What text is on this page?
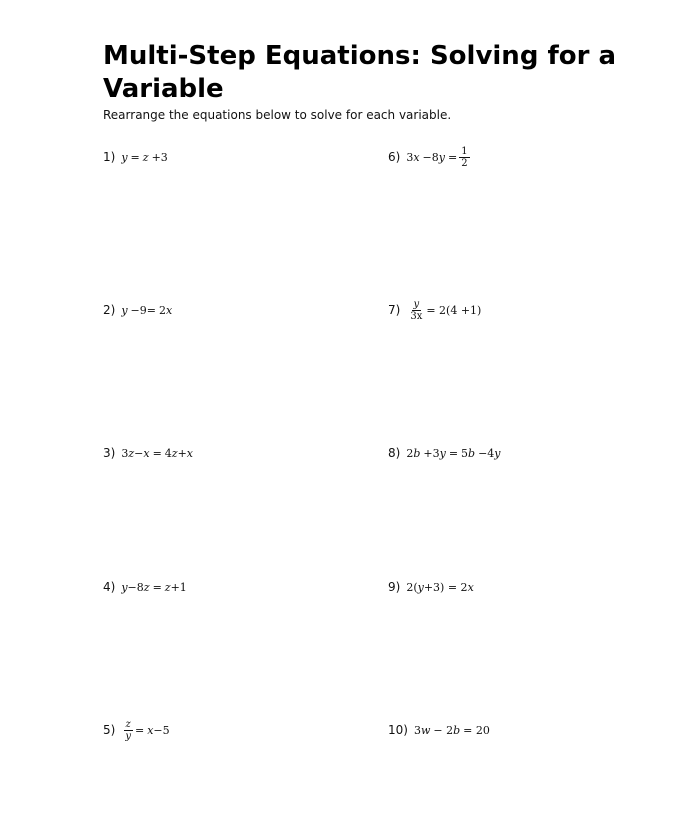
Multi-Step Equations: Solving for a Variable
Rearrange the equations below to solve for each variable.
1) y = z +3
2) y −9= 2 x
3) 3 z − x = 4 z + x
4) y −8 z = z +1
$5) \frac{z}{y} = x -5$
6) 3 x −8 $y = \frac{1}{2}$
$7) \frac{y}{3x} = 2(4 +1)$
8) 2 b +3 y = 5 b −4 y
9) 2( y +3) = 2 x
10) 3 w − 2 b = 20
